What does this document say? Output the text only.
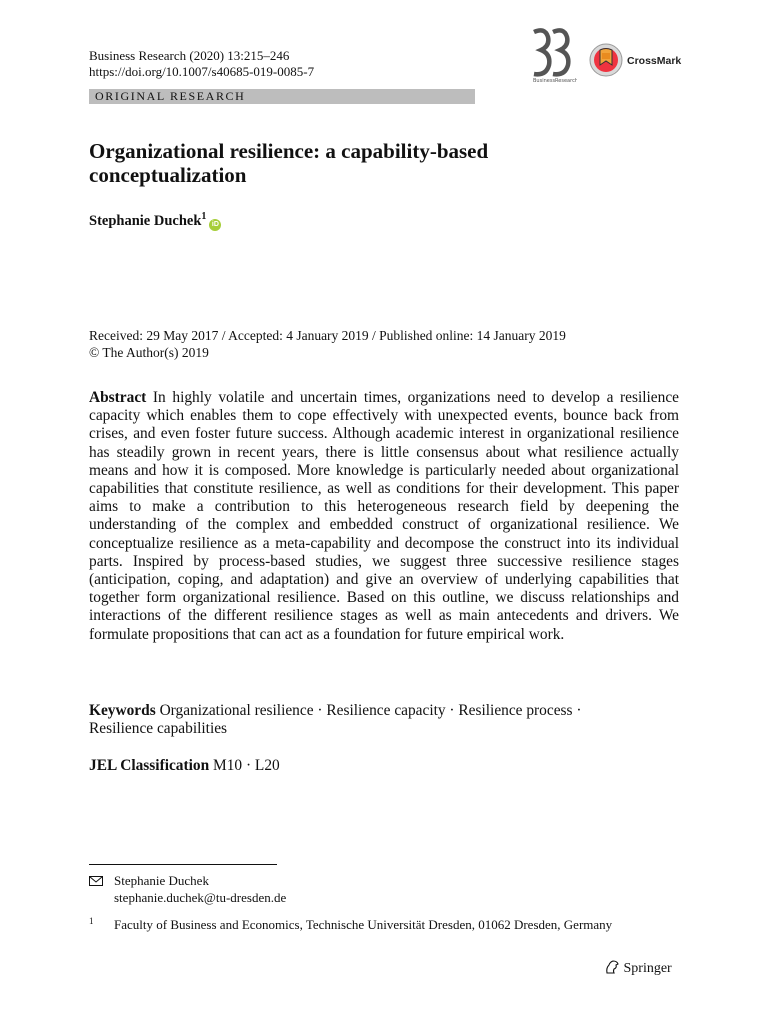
Business Research (2020) 13:215–246
https://doi.org/10.1007/s40685-019-0085-7
BusinessResearch
CrossMark
ORIGINAL RESEARCH
Organizational resilience: a capability-based conceptualization
Stephanie Duchek$^1$iD
Received: 29 May 2017 / Accepted: 4 January 2019 / Published online: 14 January 2019
© The Author(s) 2019
Abstract In highly volatile and uncertain times, organizations need to develop a resilience capacity which enables them to cope effectively with unexpected events, bounce back from crises, and even foster future success. Although academic interest in organizational resilience has steadily grown in recent years, there is little consensus about what resilience actually means and how it is composed. More knowledge is particularly needed about organizational capabilities that constitute resilience, as well as conditions for their development. This paper aims to make a contribution to this heterogeneous research field by deepening the understanding of the complex and embedded construct of organizational resilience. We conceptualize resilience as a meta-capability and decompose the construct into its individual parts. Inspired by process-based studies, we suggest three successive resilience stages (anticipation, coping, and adaptation) and give an overview of underlying capabilities that together form organizational resilience. Based on this outline, we discuss relationships and interactions of the different resilience stages as well as main antecedents and drivers. We formulate propositions that can act as a foundation for future empirical work.
Keywords Organizational resilience · Resilience capacity · Resilience process · Resilience capabilities
JEL Classification M10 · L20
Stephanie Duchek
stephanie.duchek@tu-dresden.de
1 Faculty of Business and Economics, Technische Universität Dresden, 01062 Dresden, Germany
Springer
